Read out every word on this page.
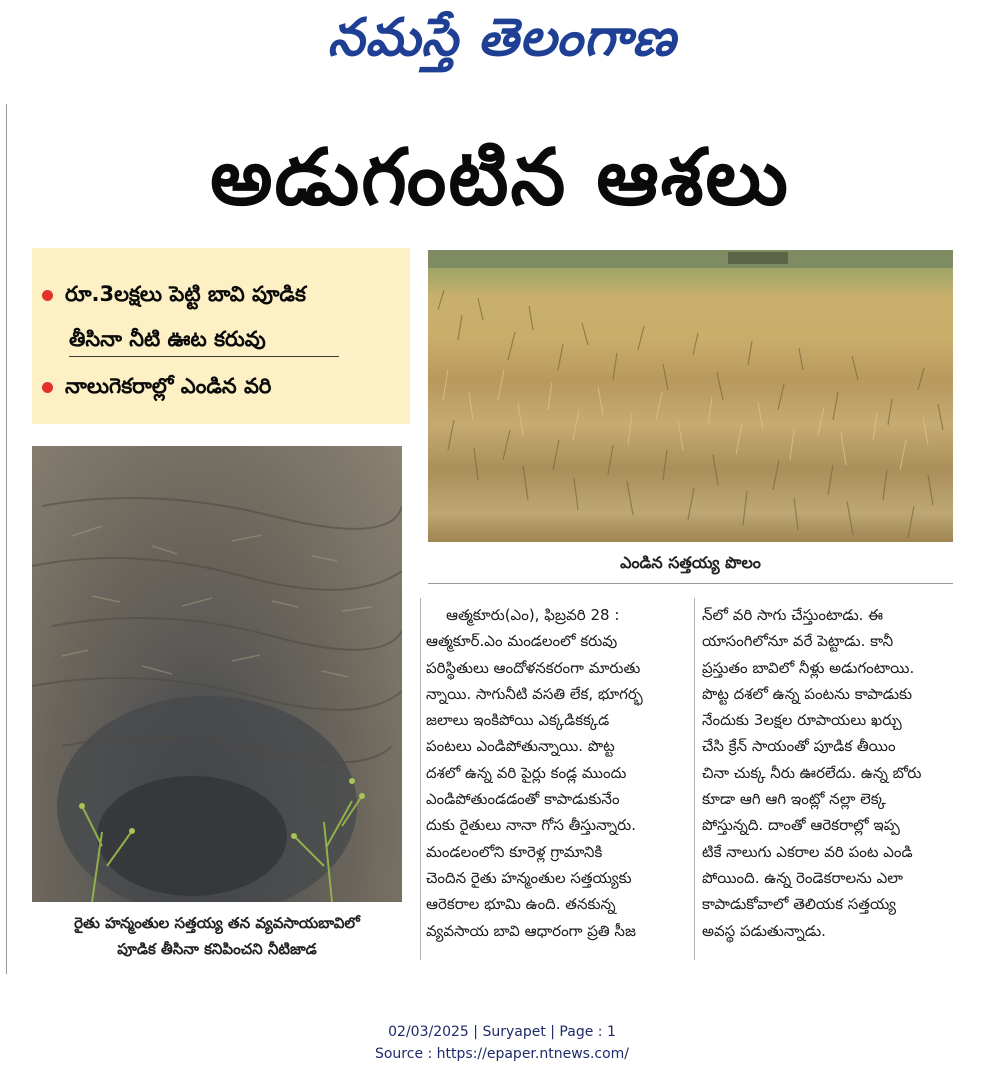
నమస్తే తెలంగాణ
అడుగంటిన ఆశలు
రూ.3లక్షలు పెట్టి బావి పూడిక
తీసినా నీటి ఊట కరువు
నాలుగెకరాల్లో ఎండిన వరి
ఎండిన సత్తయ్య పొలం
రైతు హన్మంతుల సత్తయ్య తన వ్యవసాయబావిలో
పూడిక తీసినా కనిపించని నీటిజాడ

ఆత్మకూరు(ఎం), ఫిబ్రవరి 28 :

ఆత్మకూర్.ఎం మండలంలో కరువు

పరిస్థితులు ఆందోళనకరంగా మారుతు

న్నాయి. సాగునీటి వసతి లేక, భూగర్భ

జలాలు ఇంకిపోయి ఎక్కడికక్కడ

పంటలు ఎండిపోతున్నాయి. పొట్ట

దశలో ఉన్న వరి పైర్లు కండ్ల ముందు

ఎండిపోతుండడంతో కాపాడుకునేం

దుకు రైతులు నానా గోస తీస్తున్నారు.

మండలంలోని కూరెళ్ల గ్రామానికి

చెందిన రైతు హన్మంతుల సత్తయ్యకు

ఆరెకరాల భూమి ఉంది. తనకున్న

వ్యవసాయ బావి ఆధారంగా ప్రతి సీజ

న్‌లో వరి సాగు చేస్తుంటాడు. ఈ

యాసంగిలోనూ వరే పెట్టాడు. కానీ

ప్రస్తుతం బావిలో నీళ్లు అడుగంటాయి.

పొట్ట దశలో ఉన్న పంటను కాపాడుకు

నేందుకు 3లక్షల రూపాయలు ఖర్చు

చేసి క్రేన్ సాయంతో పూడిక తీయిం

చినా చుక్క నీరు ఊరలేదు. ఉన్న బోరు

కూడా ఆగి ఆగి ఇంట్లో నల్లా లెక్క

పోస్తున్నది. దాంతో ఆరెకరాల్లో ఇప్ప

టికే నాలుగు ఎకరాల వరి పంట ఎండి

పోయింది. ఉన్న రెండెకరాలను ఎలా

కాపాడుకోవాలో తెలియక సత్తయ్య

అవస్థ పడుతున్నాడు.

02/03/2025 | Suryapet | Page : 1
Source : https://epaper.ntnews.com/
